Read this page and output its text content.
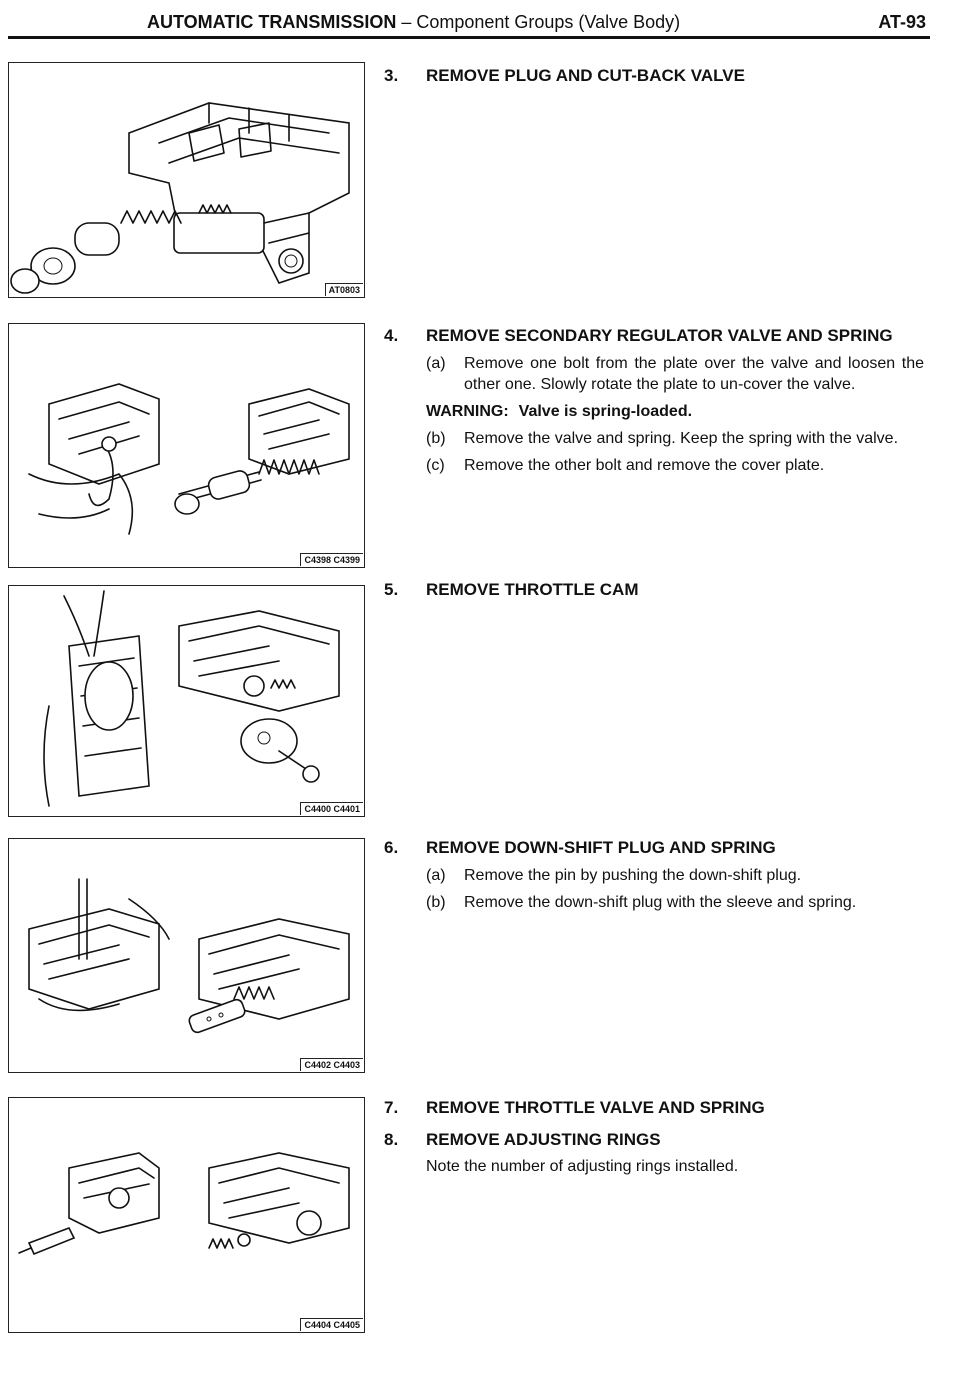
AUTOMATIC TRANSMISSION – Component Groups (Valve Body)	AT-93
AT0803
C4398 C4399
C4400 C4401
C4402 C4403
C4404 C4405
3.	REMOVE PLUG AND CUT-BACK VALVE
4.	REMOVE SECONDARY REGULATOR VALVE AND SPRING
(a)	Remove one bolt from the plate over the valve and loosen the other one. Slowly rotate the plate to un-cover the valve.
WARNING: Valve is spring-loaded.
(b)	Remove the valve and spring. Keep the spring with the valve.
(c)	Remove the other bolt and remove the cover plate.
5.	REMOVE THROTTLE CAM
6.	REMOVE DOWN-SHIFT PLUG AND SPRING
(a)	Remove the pin by pushing the down-shift plug.
(b)	Remove the down-shift plug with the sleeve and spring.
7.	REMOVE THROTTLE VALVE AND SPRING
8.	REMOVE ADJUSTING RINGS
Note the number of adjusting rings installed.
